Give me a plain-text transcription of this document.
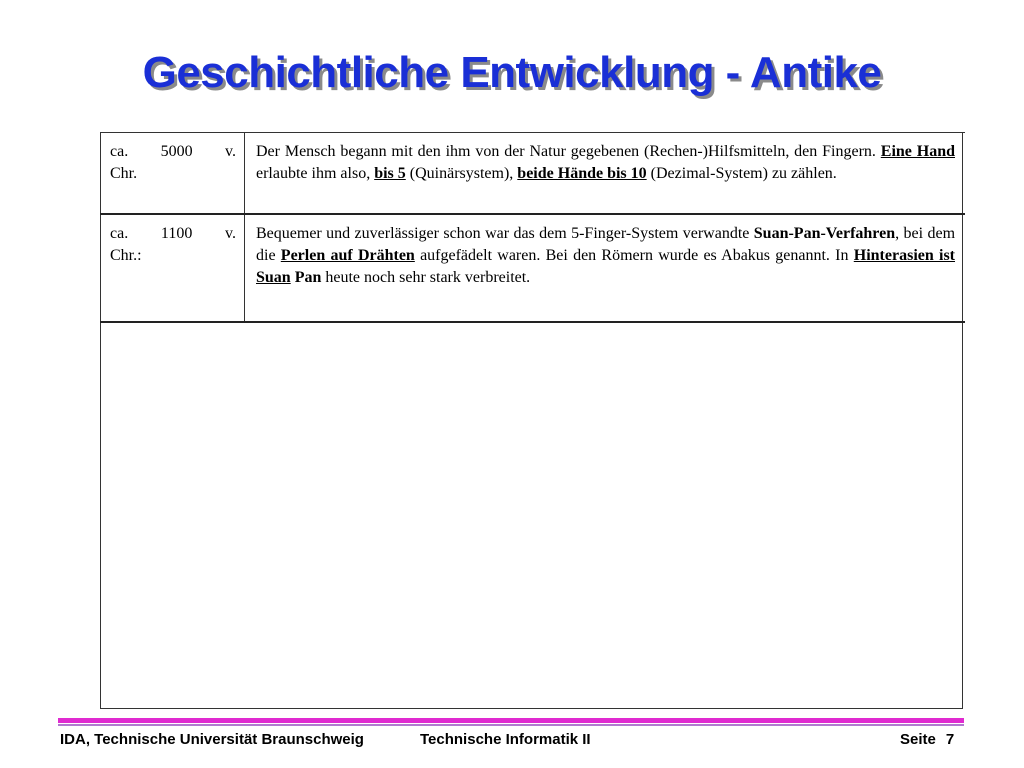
Geschichtliche Entwicklung - Antike
ca. 5000 v.
Chr.
Der Mensch begann mit den ihm von der Natur gegebenen (Rechen-)Hilfsmitteln, den Fingern. Eine Hand erlaubte ihm also, bis 5 (Quinärsystem), beide Hände bis 10 (Dezimal-System) zu zählen.
ca. 1100 v.
Chr.:
Bequemer und zuverlässiger schon war das dem 5-Finger-System verwandte Suan-Pan-Verfahren, bei dem die Perlen auf Drähten aufgefädelt waren. Bei den Römern wurde es Abakus genannt. In Hinterasien ist Suan Pan heute noch sehr stark verbreitet.
IDA, Technische Universität Braunschweig	Technische Informatik II	Seite 7
